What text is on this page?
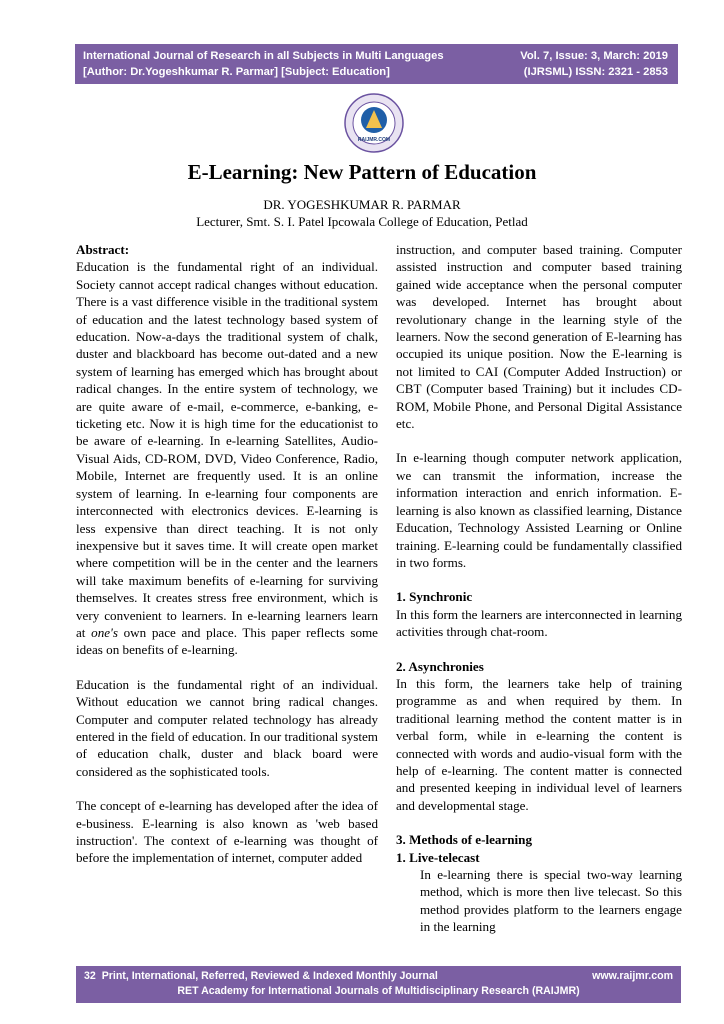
International Journal of Research in all Subjects in Multi Languages
[Author: Dr.Yogeshkumar R. Parmar] [Subject: Education]
Vol. 7, Issue: 3, March: 2019
(IJRSML) ISSN: 2321 - 2853
RAIJMR.COM
E-Learning: New Pattern of Education
DR. YOGESHKUMAR R. PARMAR
Lecturer, Smt. S. I. Patel Ipcowala College of Education, Petlad

Abstract:

Education is the fundamental right of an individual. Society cannot accept radical changes without education. There is a vast difference visible in the traditional system of education and the latest technology based system of education. Now-a-days the traditional system of chalk, duster and blackboard has become out-dated and a new system of learning has emerged which has brought about radical changes. In the entire system of technology, we are quite aware of e-mail, e-commerce, e-banking, e-ticketing etc. Now it is high time for the educationist to be aware of e-learning. In e-learning Satellites, Audio-Visual Aids, CD-ROM, DVD, Video Conference, Radio, Mobile, Internet are frequently used. It is an online system of learning. In e-learning four components are interconnected with electronics devices. E-learning is less expensive than direct teaching. It is not only inexpensive but it saves time. It will create open market where competition will be in the center and the learners will take maximum benefits of e-learning for surviving themselves. It creates stress free environment, which is very convenient to learners. In e-learning learners learn at one's own pace and place. This paper reflects some ideas on benefits of e-learning.

Education is the fundamental right of an individual. Without education we cannot bring radical changes. Computer and computer related technology has already entered in the field of education. In our traditional system of education chalk, duster and black board were considered as the sophisticated tools.

The concept of e-learning has developed after the idea of e-business. E-learning is also known as 'web based instruction'. The context of e-learning was thought of before the implementation of internet, computer added

instruction, and computer based training. Computer assisted instruction and computer based training gained wide acceptance when the personal computer was developed. Internet has brought about revolutionary change in the learning style of the learners. Now the second generation of E-learning has occupied its unique position. Now the E-learning is not limited to CAI (Computer Added Instruction) or CBT (Computer based Training) but it includes CD-ROM, Mobile Phone, and Personal Digital Assistance etc.

In e-learning though computer network application, we can transmit the information, increase the information interaction and enrich information. E-learning is also known as classified learning, Distance Education, Technology Assisted Learning or Online training. E-learning could be fundamentally classified in two forms.

1. Synchronic

In this form the learners are interconnected in learning activities through chat-room.

2. Asynchronies

In this form, the learners take help of training programme as and when required by them. In traditional learning method the content matter is in verbal form, while in e-learning the content is connected with words and audio-visual form with the help of e-learning. The content matter is connected and presented keeping in individual level of learners and developmental stage.

3. Methods of e-learning

1. Live-telecast

In e-learning there is special two-way learning method, which is more then live telecast. So this method provides platform to the learners engage in the learning

32 Print, International, Referred, Reviewed & Indexed Monthly Journal	www.raijmr.com
RET Academy for International Journals of Multidisciplinary Research (RAIJMR)
